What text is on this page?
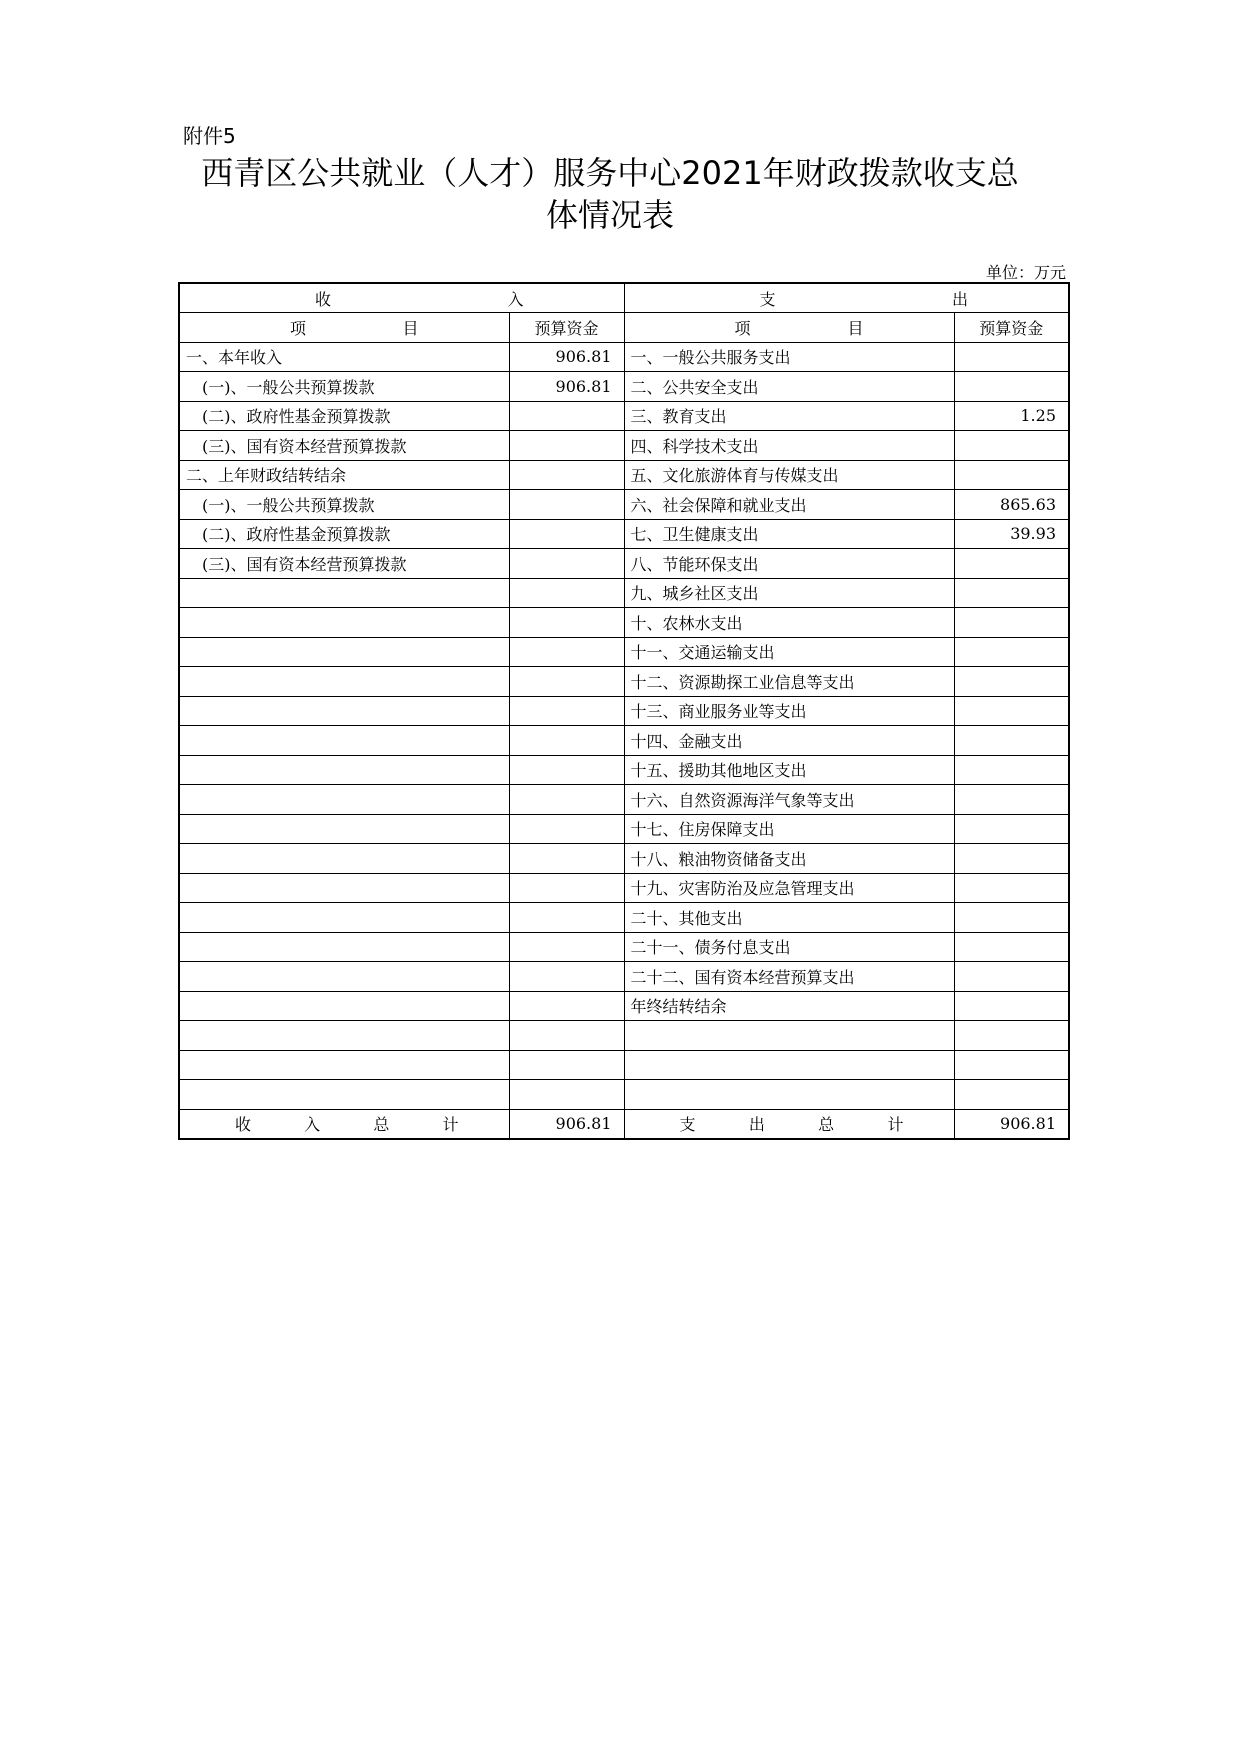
附件5
西青区公共就业（人才）服务中心2021年财政拨款收支总
体情况表
单位：万元
收 入		支 出	

项 目	预算资金	项 目	预算资金
一、本年收入	906.81	一、一般公共服务支出	
(一)、一般公共预算拨款	906.81	二、公共安全支出	
(二)、政府性基金预算拨款		三、教育支出	1.25
(三)、国有资本经营预算拨款		四、科学技术支出	
二、上年财政结转结余		五、文化旅游体育与传媒支出	
(一)、一般公共预算拨款		六、社会保障和就业支出	865.63
(二)、政府性基金预算拨款		七、卫生健康支出	39.93
(三)、国有资本经营预算拨款		八、节能环保支出	
		九、城乡社区支出	
		十、农林水支出	
		十一、交通运输支出	
		十二、资源勘探工业信息等支出	
		十三、商业服务业等支出	
		十四、金融支出	
		十五、援助其他地区支出	
		十六、自然资源海洋气象等支出	
		十七、住房保障支出	
		十八、粮油物资储备支出	
		十九、灾害防治及应急管理支出	
		二十、其他支出	
		二十一、债务付息支出	
		二十二、国有资本经营预算支出	
		年终结转结余	

收 入 总 计	906.81	支 出 总 计	906.81
